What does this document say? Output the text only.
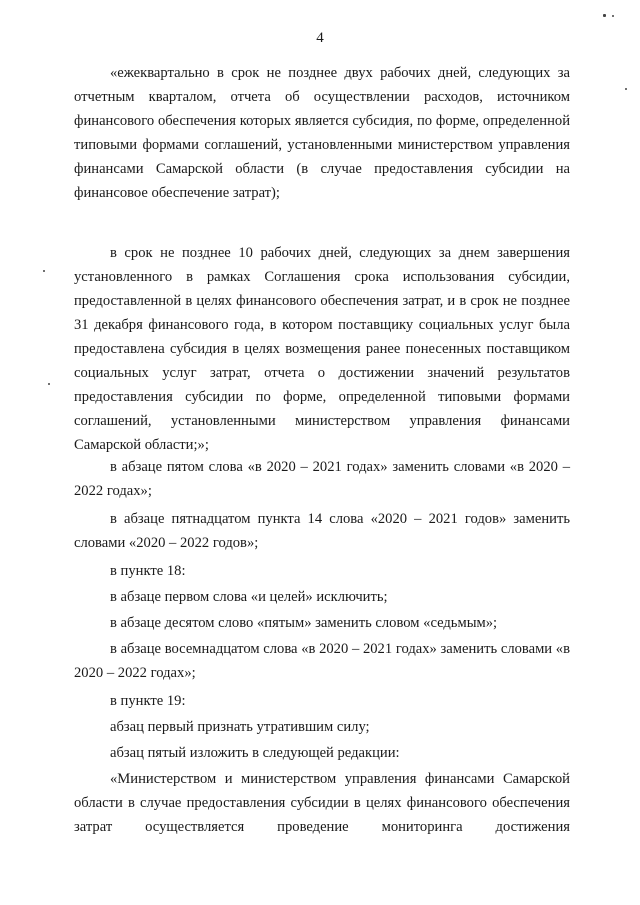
4

«ежеквартально в срок не позднее двух рабочих дней, следующих за отчетным кварталом, отчета об осуществлении расходов, источником финансового обеспечения которых является субсидия, по форме, определенной типовыми формами соглашений, установленными министерством управления финансами Самарской области (в случае предоставления субсидии на финансовое обеспечение затрат);

в срок не позднее 10 рабочих дней, следующих за днем завершения установленного в рамках Соглашения срока использования субсидии, предоставленной в целях финансового обеспечения затрат, и в срок не позднее 31 декабря финансового года, в котором поставщику социальных услуг была предоставлена субсидия в целях возмещения ранее понесенных поставщиком социальных услуг затрат, отчета о достижении значений результатов предоставления субсидии по форме, определенной типовыми формами соглашений, установленными министерством управления финансами Самарской области;»;

в абзаце пятом слова «в 2020 – 2021 годах» заменить словами «в 2020 – 2022 годах»;

в абзаце пятнадцатом пункта 14 слова «2020 – 2021 годов» заменить словами «2020 – 2022 годов»;

в пункте 18:

в абзаце первом слова «и целей» исключить;

в абзаце десятом слово «пятым» заменить словом «седьмым»;

в абзаце восемнадцатом слова «в 2020 – 2021 годах» заменить словами «в 2020 – 2022 годах»;

в пункте 19:

абзац первый признать утратившим силу;

абзац пятый изложить в следующей редакции:

«Министерством и министерством управления финансами Самарской области в случае предоставления субсидии в целях финансового обеспечения затрат осуществляется проведение мониторинга достижения
